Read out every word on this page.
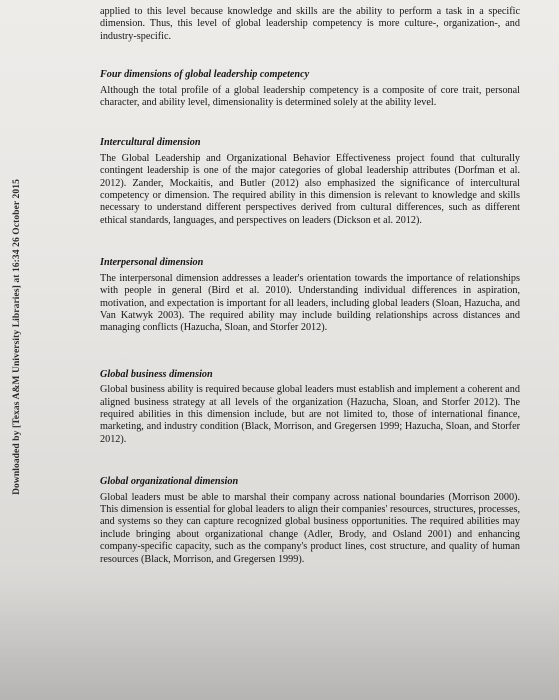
Downloaded by [Texas A&M University Libraries] at 16:34 26 October 2015

applied to this level because knowledge and skills are the ability to perform a task in a specific dimension. Thus, this level of global leadership competency is more culture-, organization-, and industry-specific.

Four dimensions of global leadership competency

Although the total profile of a global leadership competency is a composite of core trait, personal character, and ability level, dimensionality is determined solely at the ability level.

Intercultural dimension

The Global Leadership and Organizational Behavior Effectiveness project found that culturally contingent leadership is one of the major categories of global leadership attributes (Dorfman et al. 2012). Zander, Mockaitis, and Butler (2012) also emphasized the significance of intercultural competency or dimension. The required ability in this dimension is relevant to knowledge and skills necessary to understand different perspectives derived from cultural differences, such as different ethical standards, languages, and perspectives on leaders (Dickson et al. 2012).

Interpersonal dimension

The interpersonal dimension addresses a leader's orientation towards the importance of relationships with people in general (Bird et al. 2010). Understanding individual differences in aspiration, motivation, and expectation is important for all leaders, including global leaders (Sloan, Hazucha, and Van Katwyk 2003). The required ability may include building relationships across distances and managing conflicts (Hazucha, Sloan, and Storfer 2012).

Global business dimension

Global business ability is required because global leaders must establish and implement a coherent and aligned business strategy at all levels of the organization (Hazucha, Sloan, and Storfer 2012). The required abilities in this dimension include, but are not limited to, those of international finance, marketing, and industry condition (Black, Morrison, and Gregersen 1999; Hazucha, Sloan, and Storfer 2012).

Global organizational dimension

Global leaders must be able to marshal their company across national boundaries (Morrison 2000). This dimension is essential for global leaders to align their companies' resources, structures, processes, and systems so they can capture recognized global business opportunities. The required abilities may include bringing about organizational change (Adler, Brody, and Osland 2001) and enhancing company-specific capacity, such as the company's product lines, cost structure, and quality of human resources (Black, Morrison, and Gregersen 1999).
